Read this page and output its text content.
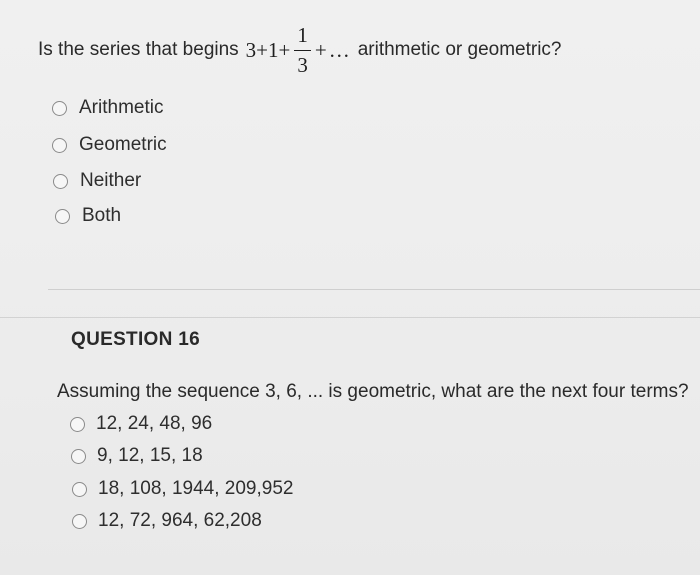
Is the series that begins $3 + 1 + \frac{1}{3}$ + … arithmetic or geometric?
Arithmetic
Geometric
Neither
Both
QUESTION 16
Assuming the sequence 3, 6, ... is geometric, what are the next four terms?
12, 24, 48, 96
9, 12, 15, 18
18, 108, 1944, 209,952
12, 72, 964, 62,208
